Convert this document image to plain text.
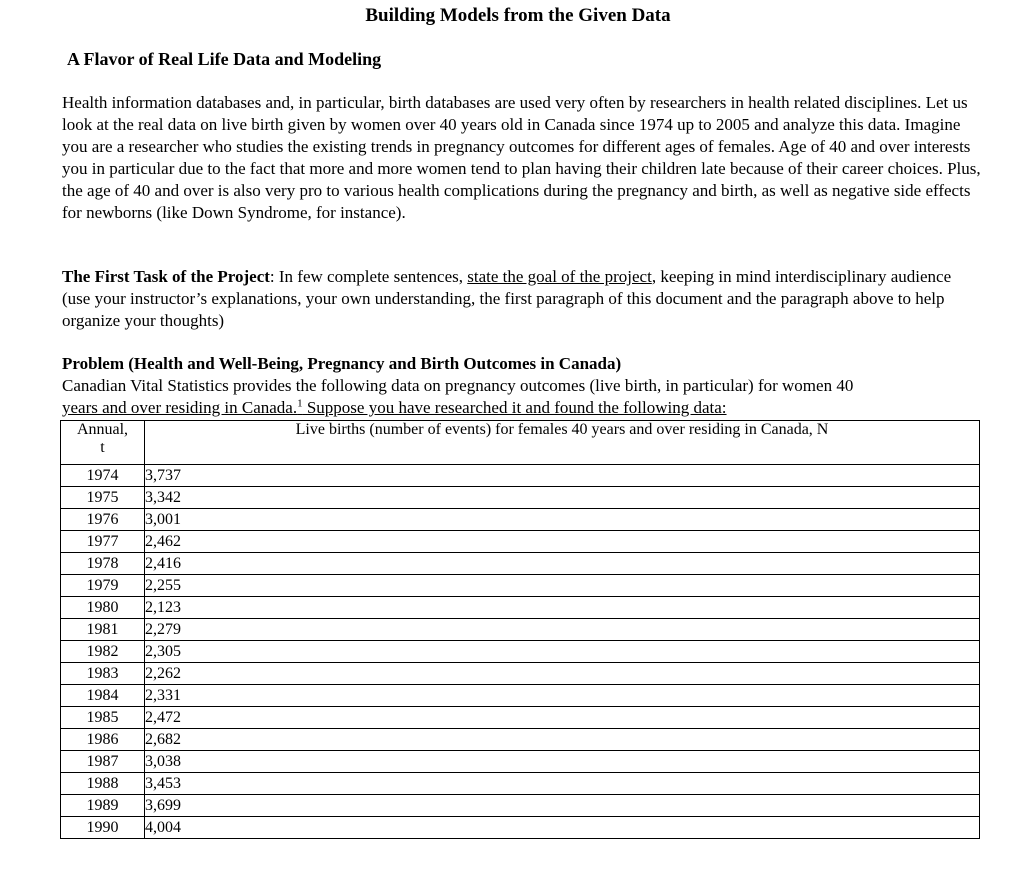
Building Models from the Given Data
A Flavor of Real Life Data and Modeling
Health information databases and, in particular, birth databases are used very often by researchers in health related disciplines. Let us look at the real data on live birth given by women over 40 years old in Canada since 1974 up to 2005 and analyze this data. Imagine you are a researcher who studies the existing trends in pregnancy outcomes for different ages of females. Age of 40 and over interests you in particular due to the fact that more and more women tend to plan having their children late because of their career choices. Plus, the age of 40 and over is also very pro to various health complications during the pregnancy and birth, as well as negative side effects for newborns (like Down Syndrome, for instance).
The First Task of the Project: In few complete sentences, state the goal of the project, keeping in mind interdisciplinary audience (use your instructor’s explanations, your own understanding, the first paragraph of this document and the paragraph above to help organize your thoughts)
Problem (Health and Well-Being, Pregnancy and Birth Outcomes in Canada)
Canadian Vital Statistics provides the following data on pregnancy outcomes (live birth, in particular) for women 40
years and over residing in Canada.$^1$ Suppose you have researched it and found the following data:
Annual,
t	Live births (number of events) for females 40 years and over residing in Canada, N
1974	3,737
1975	3,342
1976	3,001
1977	2,462
1978	2,416
1979	2,255
1980	2,123
1981	2,279
1982	2,305
1983	2,262
1984	2,331
1985	2,472
1986	2,682
1987	3,038
1988	3,453
1989	3,699
1990	4,004
